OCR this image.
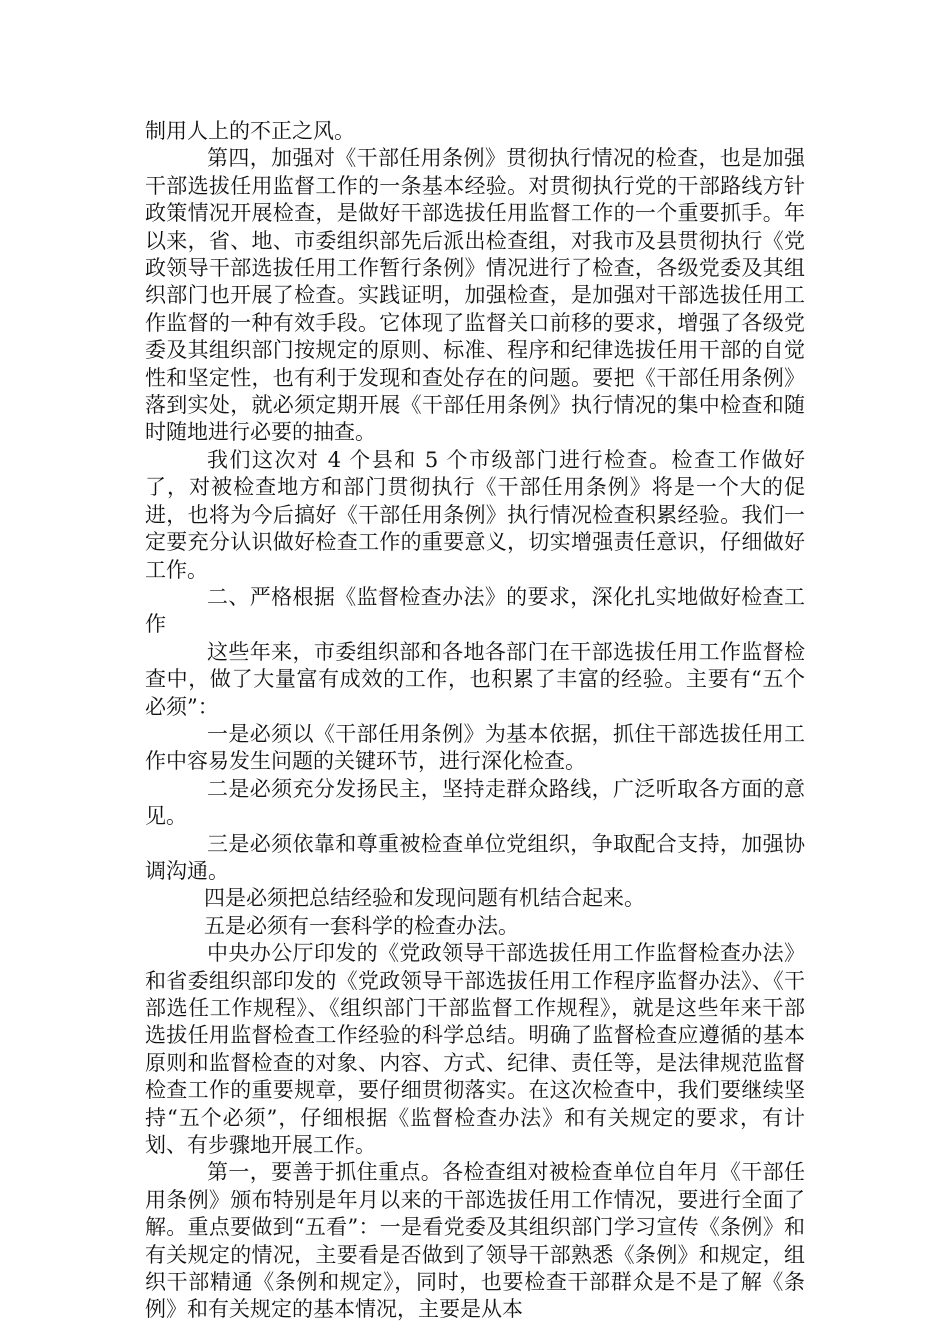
制用人上的不正之风。

第四，加强对《干部任用条例》贯彻执行情况的检查，也是加强干部选拔任用监督工作的一条基本经验。对贯彻执行党的干部路线方针政策情况开展检查，是做好干部选拔任用监督工作的一个重要抓手。年以来，省、地、市委组织部先后派出检查组，对我市及县贯彻执行《党政领导干部选拔任用工作暂行条例》情况进行了检查，各级党委及其组织部门也开展了检查。实践证明，加强检查，是加强对干部选拔任用工作监督的一种有效手段。它体现了监督关口前移的要求，增强了各级党委及其组织部门按规定的原则、标准、程序和纪律选拔任用干部的自觉性和坚定性，也有利于发现和查处存在的问题。要把《干部任用条例》落到实处，就必须定期开展《干部任用条例》执行情况的集中检查和随时随地进行必要的抽查。

我们这次对 4 个县和 5 个市级部门进行检查。检查工作做好了，对被检查地方和部门贯彻执行《干部任用条例》将是一个大的促进，也将为今后搞好《干部任用条例》执行情况检查积累经验。我们一定要充分认识做好检查工作的重要意义，切实增强责任意识，仔细做好工作。

二、严格根据《监督检查办法》的要求，深化扎实地做好检查工作

这些年来，市委组织部和各地各部门在干部选拔任用工作监督检查中，做了大量富有成效的工作，也积累了丰富的经验。主要有“五个必须”：

一是必须以《干部任用条例》为基本依据，抓住干部选拔任用工作中容易发生问题的关键环节，进行深化检查。

二是必须充分发扬民主，坚持走群众路线，广泛听取各方面的意见。

三是必须依靠和尊重被检查单位党组织，争取配合支持，加强协调沟通。

四是必须把总结经验和发现问题有机结合起来。

五是必须有一套科学的检查办法。

中央办公厅印发的《党政领导干部选拔任用工作监督检查办法》和省委组织部印发的《党政领导干部选拔任用工作程序监督办法》、《干部选任工作规程》、《组织部门干部监督工作规程》，就是这些年来干部选拔任用监督检查工作经验的科学总结。明确了监督检查应遵循的基本原则和监督检查的对象、内容、方式、纪律、责任等，是法律规范监督检查工作的重要规章，要仔细贯彻落实。在这次检查中，我们要继续坚持“五个必须”，仔细根据《监督检查办法》和有关规定的要求，有计划、有步骤地开展工作。

第一，要善于抓住重点。各检查组对被检查单位自年月《干部任用条例》颁布特别是年月以来的干部选拔任用工作情况，要进行全面了解。重点要做到“五看”：一是看党委及其组织部门学习宣传《条例》和有关规定的情况，主要看是否做到了领导干部熟悉《条例》和规定，组织干部精通《条例和规定》，同时，也要检查干部群众是不是了解《条例》和有关规定的基本情况，主要是从本
